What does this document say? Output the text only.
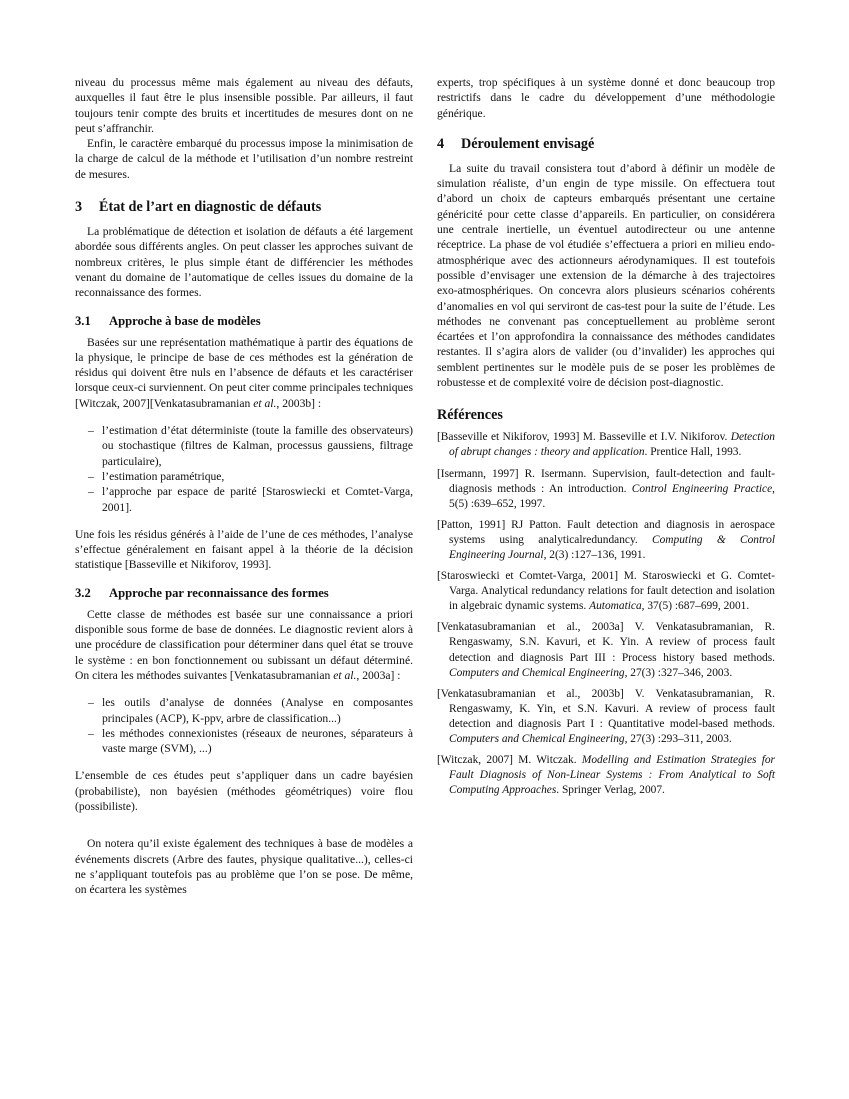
niveau du processus même mais également au niveau des défauts, auxquelles il faut être le plus insensible possible. Par ailleurs, il faut toujours tenir compte des bruits et incertitudes de mesures dont on ne peut s’affranchir.

Enfin, le caractère embarqué du processus impose la minimisation de la charge de calcul de la méthode et l’utilisation d’un nombre restreint de mesures.

3	État de l’art en diagnostic de défauts

La problématique de détection et isolation de défauts a été largement abordée sous différents angles. On peut classer les approches suivant de nombreux critères, le plus simple étant de différencier les méthodes venant du domaine de l’automatique de celles issues du domaine de la reconnaissance des formes.

3.1	Approche à base de modèles

Basées sur une représentation mathématique à partir des équations de la physique, le principe de base de ces méthodes est la génération de résidus qui doivent être nuls en l’absence de défauts et les caractériser lorsque ceux-ci surviennent. On peut citer comme principales techniques [Witczak, 2007][Venkatasubramanian et al., 2003b] :

– l’estimation d’état déterministe (toute la famille des observateurs) ou stochastique (filtres de Kalman, processus gaussiens, filtrage particulaire),
– l’estimation paramétrique,
– l’approche par espace de parité [Staroswiecki et Comtet-Varga, 2001].

Une fois les résidus générés à l’aide de l’une de ces méthodes, l’analyse s’effectue généralement en faisant appel à la théorie de la décision statistique [Basseville et Nikiforov, 1993].

3.2	Approche par reconnaissance des formes

Cette classe de méthodes est basée sur une connaissance a priori disponible sous forme de base de données. Le diagnostic revient alors à une procédure de classification pour déterminer dans quel état se trouve le système : en bon fonctionnement ou subissant un défaut déterminé. On citera les méthodes suivantes [Venkatasubramanian et al., 2003a] :

– les outils d’analyse de données (Analyse en composantes principales (ACP), K-ppv, arbre de classification...)
– les méthodes connexionistes (réseaux de neurones, séparateurs à vaste marge (SVM), ...)

L’ensemble de ces études peut s’appliquer dans un cadre bayésien (probabiliste), non bayésien (méthodes géométriques) voire flou (possibiliste).

On notera qu’il existe également des techniques à base de modèles a événements discrets (Arbre des fautes, physique qualitative...), celles-ci ne s’appliquant toutefois pas au problème que l’on se pose. De même, on écartera les systèmes

experts, trop spécifiques à un système donné et donc beaucoup trop restrictifs dans le cadre du développement d’une méthodologie générique.

4	Déroulement envisagé

La suite du travail consistera tout d’abord à définir un modèle de simulation réaliste, d’un engin de type missile. On effectuera tout d’abord un choix de capteurs embarqués présentant une certaine généricité pour cette classe d’appareils. En particulier, on considérera une centrale inertielle, un éventuel autodirecteur ou une antenne réceptrice. La phase de vol étudiée s’effectuera a priori en milieu endo-atmosphérique avec des actionneurs aérodynamiques. Il est toutefois possible d’envisager une extension de la démarche à des trajectoires exo-atmosphériques. On concevra alors plusieurs scénarios cohérents d’anomalies en vol qui serviront de cas-test pour la suite de l’étude. Les méthodes ne convenant pas conceptuellement au problème seront écartées et l’on approfondira la connaissance des méthodes candidates restantes. Il s’agira alors de valider (ou d’invalider) les approches qui semblent pertinentes sur le modèle puis de se poser les problèmes de robustesse et de complexité voire de décision post-diagnostic.

Références

[Basseville et Nikiforov, 1993] M. Basseville et I.V. Nikiforov. Detection of abrupt changes : theory and application. Prentice Hall, 1993.

[Isermann, 1997] R. Isermann. Supervision, fault-detection and fault-diagnosis methods : An introduction. Control Engineering Practice, 5(5) :639–652, 1997.

[Patton, 1991] RJ Patton. Fault detection and diagnosis in aerospace systems using analyticalredundancy. Computing & Control Engineering Journal, 2(3) :127–136, 1991.

[Staroswiecki et Comtet-Varga, 2001] M. Staroswiecki et G. Comtet-Varga. Analytical redundancy relations for fault detection and isolation in algebraic dynamic systems. Automatica, 37(5) :687–699, 2001.

[Venkatasubramanian et al., 2003a] V. Venkatasubramanian, R. Rengaswamy, S.N. Kavuri, et K. Yin. A review of process fault detection and diagnosis Part III : Process history based methods. Computers and Chemical Engineering, 27(3) :327–346, 2003.

[Venkatasubramanian et al., 2003b] V. Venkatasubramanian, R. Rengaswamy, K. Yin, et S.N. Kavuri. A review of process fault detection and diagnosis Part I : Quantitative model-based methods. Computers and Chemical Engineering, 27(3) :293–311, 2003.

[Witczak, 2007] M. Witczak. Modelling and Estimation Strategies for Fault Diagnosis of Non-Linear Systems : From Analytical to Soft Computing Approaches. Springer Verlag, 2007.
